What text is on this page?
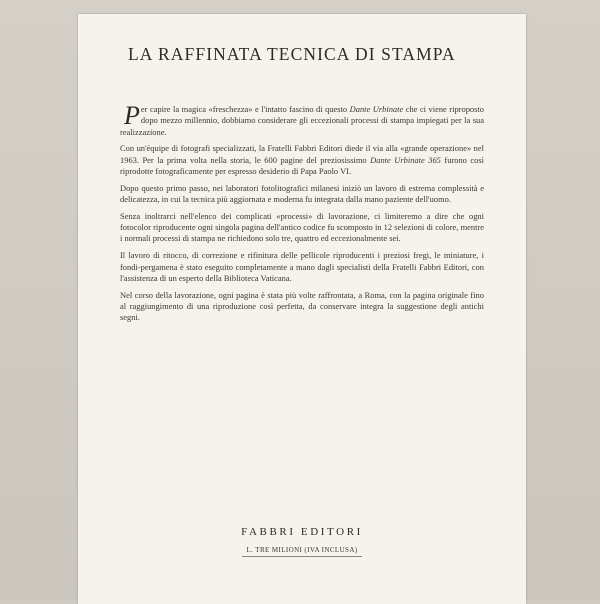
LA RAFFINATA TECNICA DI STAMPA

Per capire la magica «freschezza» e l'intatto fascino di questo Dante Urbinate che ci viene riproposto dopo mezzo millennio, dobbiamo considerare gli eccezionali processi di stampa impiegati per la sua realizzazione.

Con un'équipe di fotografi specializzati, la Fratelli Fabbri Editori diede il via alla «grande operazione» nel 1963. Per la prima volta nella storia, le 600 pagine del preziosissimo Dante Urbinate 365 furono così riprodotte fotograficamente per espresso desiderio di Papa Paolo VI.

Dopo questo primo passo, nei laboratori fotolitografici milanesi iniziò un lavoro di estrema complessità e delicatezza, in cui la tecnica più aggiornata e moderna fu integrata dalla mano paziente dell'uomo.

Senza inoltrarci nell'elenco dei complicati «processi» di lavorazione, ci limiteremo a dire che ogni fotocolor riproducente ogni singola pagina dell'antico codice fu scomposto in 12 selezioni di colore, mentre i normali processi di stampa ne richiedono solo tre, quattro ed eccezionalmente sei.

Il lavoro di ritocco, di correzione e rifinitura delle pellicole riproducenti i preziosi fregi, le miniature, i fondi-pergamena è stato eseguito completamente a mano dagli specialisti della Fratelli Fabbri Editori, con l'assistenza di un esperto della Biblioteca Vaticana.

Nel corso della lavorazione, ogni pagina è stata più volte raffrontata, a Roma, con la pagina originale fino al raggiungimento di una riproduzione così perfetta, da conservare integra la suggestione degli antichi segni.

FABBRI EDITORI
L. TRE MILIONI (IVA INCLUSA)
